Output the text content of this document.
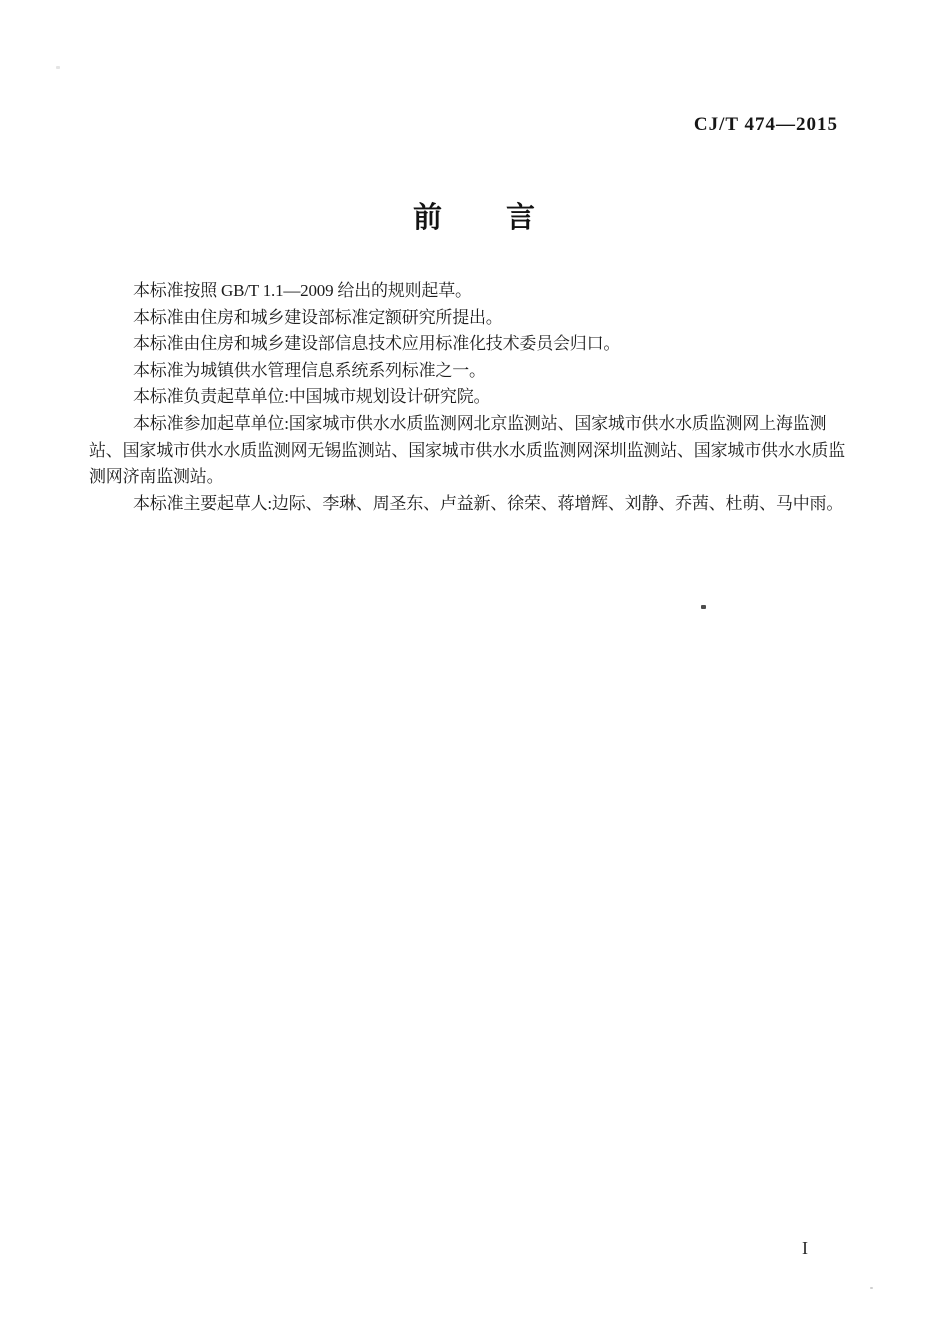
CJ/T 474—2015
前　　言
本标准按照 GB/T 1.1—2009 给出的规则起草。
本标准由住房和城乡建设部标准定额研究所提出。
本标准由住房和城乡建设部信息技术应用标准化技术委员会归口。
本标准为城镇供水管理信息系统系列标准之一。
本标准负责起草单位:中国城市规划设计研究院。
本标准参加起草单位:国家城市供水水质监测网北京监测站、国家城市供水水质监测网上海监测
站、国家城市供水水质监测网无锡监测站、国家城市供水水质监测网深圳监测站、国家城市供水水质监
测网济南监测站。
本标准主要起草人:边际、李琳、周圣东、卢益新、徐荣、蒋增辉、刘静、乔茜、杜萌、马中雨。
I
